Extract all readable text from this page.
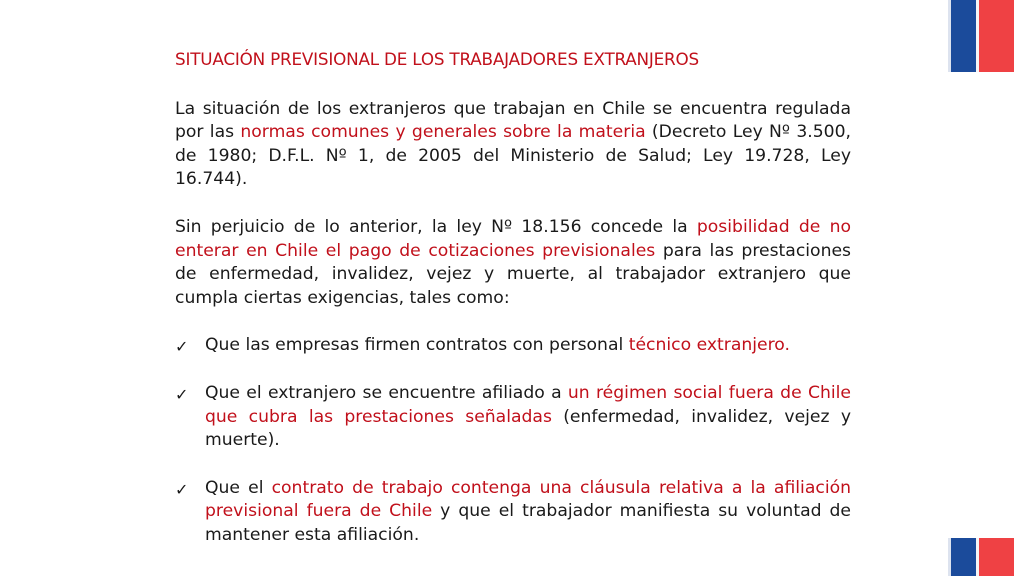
SITUACIÓN PREVISIONAL DE LOS TRABAJADORES EXTRANJEROS

La situación de los extranjeros que trabajan en Chile se encuentra regulada por las normas comunes y generales sobre la materia (Decreto Ley Nº 3.500, de 1980; D.F.L. Nº 1, de 2005 del Ministerio de Salud; Ley 19.728, Ley 16.744).

Sin perjuicio de lo anterior, la ley Nº 18.156 concede la posibilidad de no enterar en Chile el pago de cotizaciones previsionales para las prestaciones de enfermedad, invalidez, vejez y muerte, al trabajador extranjero que cumpla ciertas exigencias, tales como:

✓ Que las empresas firmen contratos con personal técnico extranjero.
✓ Que el extranjero se encuentre afiliado a un régimen social fuera de Chile que cubra las prestaciones señaladas (enfermedad, invalidez, vejez y muerte).
✓ Que el contrato de trabajo contenga una cláusula relativa a la afiliación previsional fuera de Chile y que el trabajador manifiesta su voluntad de mantener esta afiliación.
